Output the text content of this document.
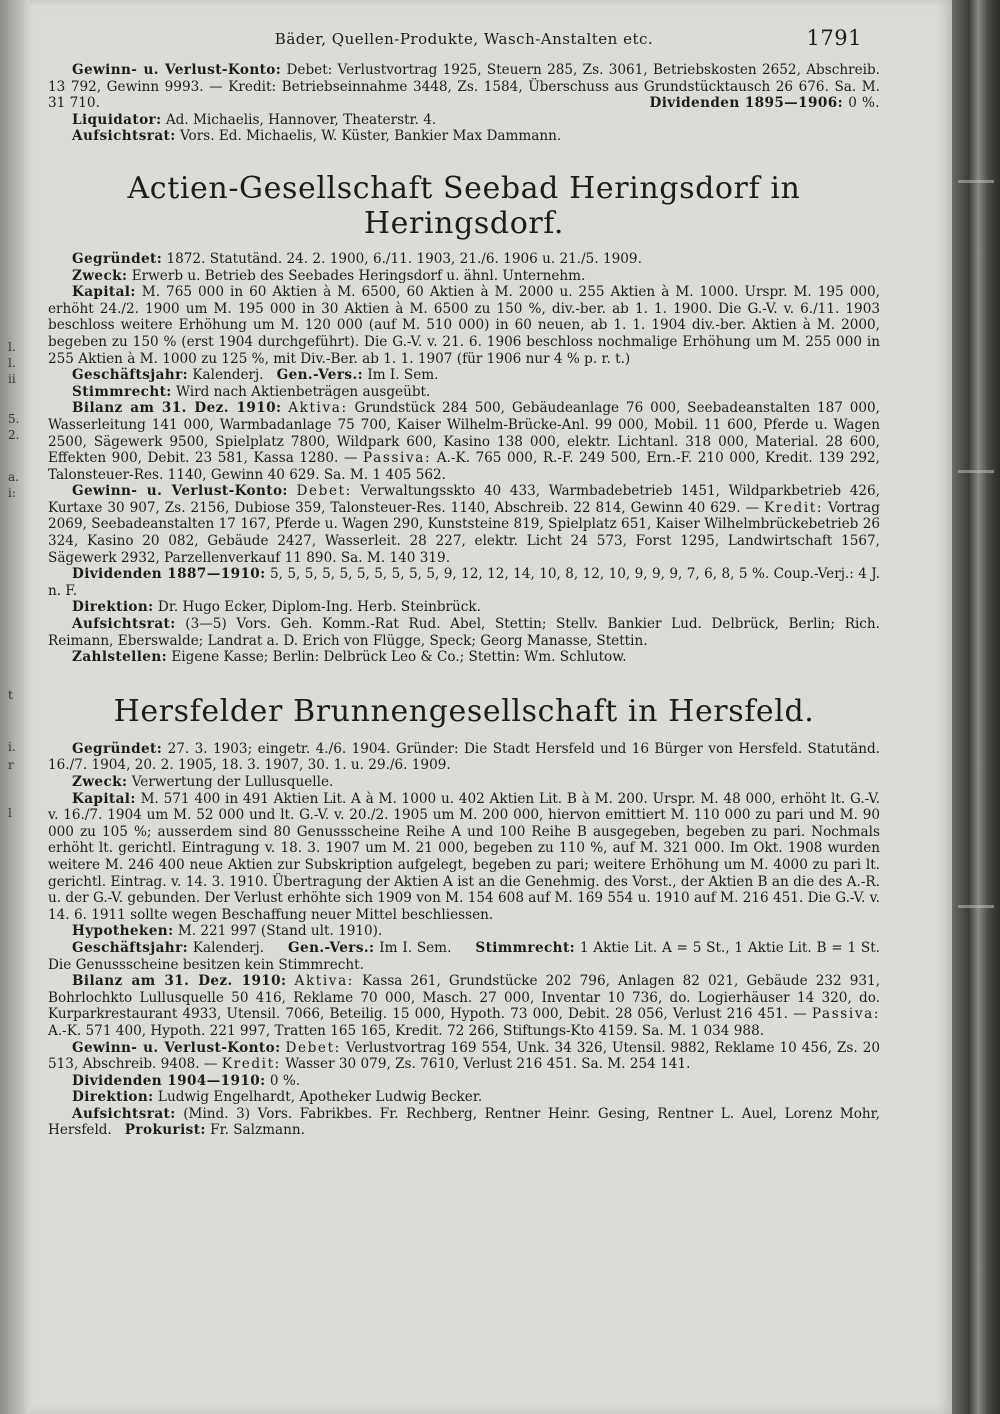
l.
ii
5.
2.
a.
i:
t
i.
r
l
l.
Bäder, Quellen-Produkte, Wasch-Anstalten etc.	1791

Gewinn- u. Verlust-Konto: Debet: Verlustvortrag 1925, Steuern 285, Zs. 3061, Betriebskosten 2652, Abschreib. 13 792, Gewinn 9993. — Kredit: Betriebseinnahme 3448, Zs. 1584, Überschuss aus Grundstücktausch 26 676. Sa. M. 31 710.	Dividenden 1895—1906: 0 %.

Liquidator: Ad. Michaelis, Hannover, Theaterstr. 4.

Aufsichtsrat: Vors. Ed. Michaelis, W. Küster, Bankier Max Dammann.

Actien-Gesellschaft Seebad Heringsdorf in Heringsdorf.

Gegründet: 1872. Statutänd. 24. 2. 1900, 6./11. 1903, 21./6. 1906 u. 21./5. 1909.

Zweck: Erwerb u. Betrieb des Seebades Heringsdorf u. ähnl. Unternehm.

Kapital: M. 765 000 in 60 Aktien à M. 6500, 60 Aktien à M. 2000 u. 255 Aktien à M. 1000. Urspr. M. 195 000, erhöht 24./2. 1900 um M. 195 000 in 30 Aktien à M. 6500 zu 150 %, div.-ber. ab 1. 1. 1900. Die G.-V. v. 6./11. 1903 beschloss weitere Erhöhung um M. 120 000 (auf M. 510 000) in 60 neuen, ab 1. 1. 1904 div.-ber. Aktien à M. 2000, begeben zu 150 % (erst 1904 durchgeführt). Die G.-V. v. 21. 6. 1906 beschloss nochmalige Erhöhung um M. 255 000 in 255 Aktien à M. 1000 zu 125 %, mit Div.-Ber. ab 1. 1. 1907 (für 1906 nur 4 % p. r. t.)

Geschäftsjahr: Kalenderj. Gen.-Vers.: Im I. Sem.

Stimmrecht: Wird nach Aktienbeträgen ausgeübt.

Bilanz am 31. Dez. 1910: Aktiva: Grundstück 284 500, Gebäudeanlage 76 000, Seebadeanstalten 187 000, Wasserleitung 141 000, Warmbadanlage 75 700, Kaiser Wilhelm-Brücke-Anl. 99 000, Mobil. 11 600, Pferde u. Wagen 2500, Sägewerk 9500, Spielplatz 7800, Wildpark 600, Kasino 138 000, elektr. Lichtanl. 318 000, Material. 28 600, Effekten 900, Debit. 23 581, Kassa 1280. — Passiva: A.-K. 765 000, R.-F. 249 500, Ern.-F. 210 000, Kredit. 139 292, Talonsteuer-Res. 1140, Gewinn 40 629. Sa. M. 1 405 562.

Gewinn- u. Verlust-Konto: Debet: Verwaltungsskto 40 433, Warmbadebetrieb 1451, Wildparkbetrieb 426, Kurtaxe 30 907, Zs. 2156, Dubiose 359, Talonsteuer-Res. 1140, Abschreib. 22 814, Gewinn 40 629. — Kredit: Vortrag 2069, Seebadeanstalten 17 167, Pferde u. Wagen 290, Kunststeine 819, Spielplatz 651, Kaiser Wilhelmbrückebetrieb 26 324, Kasino 20 082, Gebäude 2427, Wasserleit. 28 227, elektr. Licht 24 573, Forst 1295, Landwirtschaft 1567, Sägewerk 2932, Parzellenverkauf 11 890. Sa. M. 140 319.

Dividenden 1887—1910: 5, 5, 5, 5, 5, 5, 5, 5, 5, 5, 9, 12, 12, 14, 10, 8, 12, 10, 9, 9, 9, 7, 6, 8, 5 %. Coup.-Verj.: 4 J. n. F.

Direktion: Dr. Hugo Ecker, Diplom-Ing. Herb. Steinbrück.

Aufsichtsrat: (3—5) Vors. Geh. Komm.-Rat Rud. Abel, Stettin; Stellv. Bankier Lud. Delbrück, Berlin; Rich. Reimann, Eberswalde; Landrat a. D. Erich von Flügge, Speck; Georg Manasse, Stettin.

Zahlstellen: Eigene Kasse; Berlin: Delbrück Leo & Co.; Stettin: Wm. Schlutow.

Hersfelder Brunnengesellschaft in Hersfeld.

Gegründet: 27. 3. 1903; eingetr. 4./6. 1904. Gründer: Die Stadt Hersfeld und 16 Bürger von Hersfeld. Statutänd. 16./7. 1904, 20. 2. 1905, 18. 3. 1907, 30. 1. u. 29./6. 1909.

Zweck: Verwertung der Lullusquelle.

Kapital: M. 571 400 in 491 Aktien Lit. A à M. 1000 u. 402 Aktien Lit. B à M. 200. Urspr. M. 48 000, erhöht lt. G.-V. v. 16./7. 1904 um M. 52 000 und lt. G.-V. v. 20./2. 1905 um M. 200 000, hiervon emittiert M. 110 000 zu pari und M. 90 000 zu 105 %; ausserdem sind 80 Genussscheine Reihe A und 100 Reihe B ausgegeben, begeben zu pari. Nochmals erhöht lt. gerichtl. Eintragung v. 18. 3. 1907 um M. 21 000, begeben zu 110 %, auf M. 321 000. Im Okt. 1908 wurden weitere M. 246 400 neue Aktien zur Subskription aufgelegt, begeben zu pari; weitere Erhöhung um M. 4000 zu pari lt. gerichtl. Eintrag. v. 14. 3. 1910. Übertragung der Aktien A ist an die Genehmig. des Vorst., der Aktien B an die des A.-R. u. der G.-V. gebunden. Der Verlust erhöhte sich 1909 von M. 154 608 auf M. 169 554 u. 1910 auf M. 216 451. Die G.-V. v. 14. 6. 1911 sollte wegen Beschaffung neuer Mittel beschliessen.

Hypotheken: M. 221 997 (Stand ult. 1910).

Geschäftsjahr: Kalenderj. Gen.-Vers.: Im I. Sem. Stimmrecht: 1 Aktie Lit. A = 5 St., 1 Aktie Lit. B = 1 St. Die Genussscheine besitzen kein Stimmrecht.

Bilanz am 31. Dez. 1910: Aktiva: Kassa 261, Grundstücke 202 796, Anlagen 82 021, Gebäude 232 931, Bohrlochkto Lullusquelle 50 416, Reklame 70 000, Masch. 27 000, Inventar 10 736, do. Logierhäuser 14 320, do. Kurparkrestaurant 4933, Utensil. 7066, Beteilig. 15 000, Hypoth. 73 000, Debit. 28 056, Verlust 216 451. — Passiva: A.-K. 571 400, Hypoth. 221 997, Tratten 165 165, Kredit. 72 266, Stiftungs-Kto 4159. Sa. M. 1 034 988.

Gewinn- u. Verlust-Konto: Debet: Verlustvortrag 169 554, Unk. 34 326, Utensil. 9882, Reklame 10 456, Zs. 20 513, Abschreib. 9408. — Kredit: Wasser 30 079, Zs. 7610, Verlust 216 451. Sa. M. 254 141.

Dividenden 1904—1910: 0 %.

Direktion: Ludwig Engelhardt, Apotheker Ludwig Becker.

Aufsichtsrat: (Mind. 3) Vors. Fabrikbes. Fr. Rechberg, Rentner Heinr. Gesing, Rentner L. Auel, Lorenz Mohr, Hersfeld. Prokurist: Fr. Salzmann.
